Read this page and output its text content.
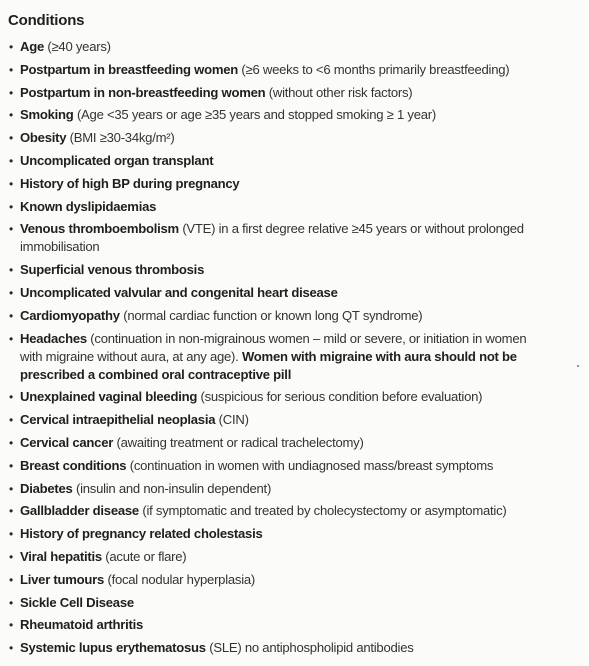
Conditions
• Age (≥40 years)
• Postpartum in breastfeeding women (≥6 weeks to <6 months primarily breastfeeding)
• Postpartum in non-breastfeeding women (without other risk factors)
• Smoking (Age <35 years or age ≥35 years and stopped smoking ≥ 1 year)
• Obesity (BMI ≥30-34kg/m²)
• Uncomplicated organ transplant
• History of high BP during pregnancy
• Known dyslipidaemias
• Venous thromboembolism (VTE) in a first degree relative ≥45 years or without prolonged immobilisation
• Superficial venous thrombosis
• Uncomplicated valvular and congenital heart disease
• Cardiomyopathy (normal cardiac function or known long QT syndrome)
• Headaches (continuation in non-migrainous women – mild or severe, or initiation in women with migraine without aura, at any age). Women with migraine with aura should not be prescribed a combined oral contraceptive pill
• Unexplained vaginal bleeding (suspicious for serious condition before evaluation)
• Cervical intraepithelial neoplasia (CIN)
• Cervical cancer (awaiting treatment or radical trachelectomy)
• Breast conditions (continuation in women with undiagnosed mass/breast symptoms
• Diabetes (insulin and non-insulin dependent)
• Gallbladder disease (if symptomatic and treated by cholecystectomy or asymptomatic)
• History of pregnancy related cholestasis
• Viral hepatitis (acute or flare)
• Liver tumours (focal nodular hyperplasia)
• Sickle Cell Disease
• Rheumatoid arthritis
• Systemic lupus erythematosus (SLE) no antiphospholipid antibodies
